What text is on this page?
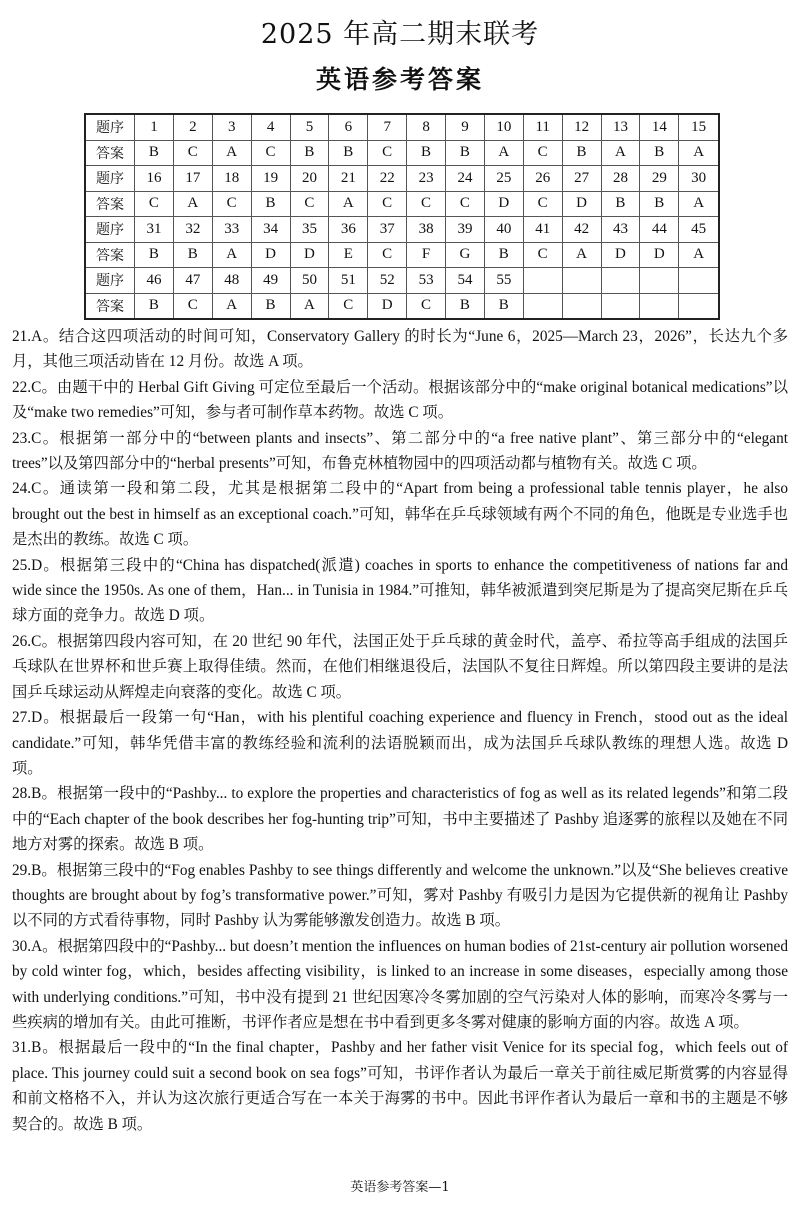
2025 年高二期末联考
英语参考答案
题序	1	2	3	4	5	6	7	8	9	10	11	12	13	14	15
答案	B	C	A	C	B	B	C	B	B	A	C	B	A	B	A
题序	16	17	18	19	20	21	22	23	24	25	26	27	28	29	30
答案	C	A	C	B	C	A	C	C	C	D	C	D	B	B	A
题序	31	32	33	34	35	36	37	38	39	40	41	42	43	44	45
答案	B	B	A	D	D	E	C	F	G	B	C	A	D	D	A
题序	46	47	48	49	50	51	52	53	54	55					
答案	B	C	A	B	A	C	D	C	B	B					

21.A。结合这四项活动的时间可知，Conservatory Gallery 的时长为“June 6，2025—March 23，2026”，长达九个多月，其他三项活动皆在 12 月份。故选 A 项。

22.C。由题干中的 Herbal Gift Giving 可定位至最后一个活动。根据该部分中的“make original botanical medications”以及“make two remedies”可知，参与者可制作草本药物。故选 C 项。

23.C。根据第一部分中的“between plants and insects”、第二部分中的“a free native plant”、第三部分中的“elegant trees”以及第四部分中的“herbal presents”可知，布鲁克林植物园中的四项活动都与植物有关。故选 C 项。

24.C。通读第一段和第二段，尤其是根据第二段中的“Apart from being a professional table tennis player，he also brought out the best in himself as an exceptional coach.”可知，韩华在乒乓球领域有两个不同的角色，他既是专业选手也是杰出的教练。故选 C 项。

25.D。根据第三段中的“China has dispatched(派遣) coaches in sports to enhance the competitiveness of nations far and wide since the 1950s. As one of them，Han... in Tunisia in 1984.”可推知，韩华被派遣到突尼斯是为了提高突尼斯在乒乓球方面的竞争力。故选 D 项。

26.C。根据第四段内容可知，在 20 世纪 90 年代，法国正处于乒乓球的黄金时代，盖亭、希拉等高手组成的法国乒乓球队在世界杯和世乒赛上取得佳绩。然而，在他们相继退役后，法国队不复往日辉煌。所以第四段主要讲的是法国乒乓球运动从辉煌走向衰落的变化。故选 C 项。

27.D。根据最后一段第一句“Han，with his plentiful coaching experience and fluency in French，stood out as the ideal candidate.”可知，韩华凭借丰富的教练经验和流利的法语脱颖而出，成为法国乒乓球队教练的理想人选。故选 D 项。

28.B。根据第一段中的“Pashby... to explore the properties and characteristics of fog as well as its related legends”和第二段中的“Each chapter of the book describes her fog-hunting trip”可知，书中主要描述了 Pashby 追逐雾的旅程以及她在不同地方对雾的探索。故选 B 项。

29.B。根据第三段中的“Fog enables Pashby to see things differently and welcome the unknown.”以及“She believes creative thoughts are brought about by fog’s transformative power.”可知，雾对 Pashby 有吸引力是因为它提供新的视角让 Pashby 以不同的方式看待事物，同时 Pashby 认为雾能够激发创造力。故选 B 项。

30.A。根据第四段中的“Pashby... but doesn’t mention the influences on human bodies of 21st-century air pollution worsened by cold winter fog，which，besides affecting visibility，is linked to an increase in some diseases，especially among those with underlying conditions.”可知，书中没有提到 21 世纪因寒冷冬雾加剧的空气污染对人体的影响，而寒冷冬雾与一些疾病的增加有关。由此可推断，书评作者应是想在书中看到更多冬雾对健康的影响方面的内容。故选 A 项。

31.B。根据最后一段中的“In the final chapter，Pashby and her father visit Venice for its special fog，which feels out of place. This journey could suit a second book on sea fogs”可知，书评作者认为最后一章关于前往威尼斯赏雾的内容显得和前文格格不入，并认为这次旅行更适合写在一本关于海雾的书中。因此书评作者认为最后一章和书的主题是不够契合的。故选 B 项。

英语参考答案—1
